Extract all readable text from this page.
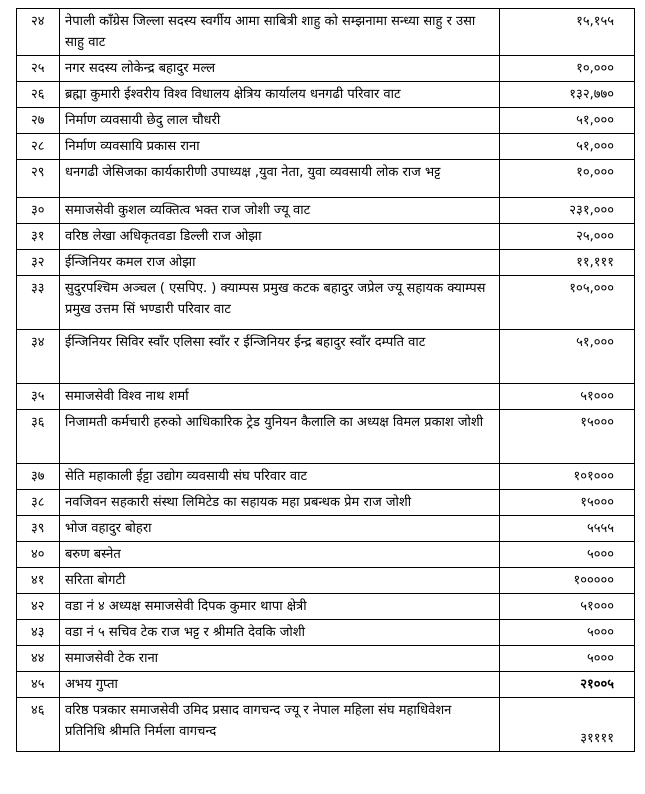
२४	नेपाली काँग्रेस जिल्ला सदस्य स्वर्गीय आमा साबित्री शाहु को सम्झनामा सन्ध्या साहु र उसा साहु वाट	१५,१५५
२५	नगर सदस्य लोकेन्द्र बहादुर मल्ल	१०,०००
२६	ब्रह्मा कुमारी ईश्वरीय विश्व विधालय क्षेत्रिय कार्यालय धनगढी परिवार वाट	१३२,७७०
२७	निर्माण व्यवसायी छेदु लाल चौधरी	५१,०००
२८	निर्माण व्यवसायि प्रकास राना	५१,०००
२९	धनगढी जेसिजका कार्यकारीणी उपाध्यक्ष ,युवा नेता, युवा व्यवसायी लोक राज भट्ट	१०,०००
३०	समाजसेवी कुशल व्यक्तित्व भक्त राज जोशी ज्यू वाट	२३१,०००
३१	वरिष्ठ लेखा अधिकृतवडा डिल्ली राज ओझा	२५,०००
३२	ईन्जिनियर कमल राज ओझा	११,१११
३३	सुदुरपश्चिम अञ्चल ( एसपिए. ) क्याम्पस प्रमुख कटक बहादुर जप्रेल ज्यू सहायक क्याम्पस प्रमुख उत्तम सिं भण्डारी परिवार वाट	१०५,०००
३४	ईन्जिनियर सिविर स्वाँर एलिसा स्वाँर र ईन्जिनियर ईन्द्र बहादुर स्वाँर दम्पति वाट	५१,०००
३५	समाजसेवी विश्व नाथ शर्मा	५१०००
३६	निजामती कर्मचारी हरुको आधिकारिक ट्रेड युनियन कैलालि का अध्यक्ष विमल प्रकाश जोशी	१५०००
३७	सेति महाकाली ईट्टा उद्योग व्यवसायी संघ परिवार वाट	१०१०००
३८	नवजिवन सहकारी संस्था लिमिटेड का सहायक महा प्रबन्धक प्रेम राज जोशी	१५०००
३९	भोज वहादुर बोहरा	५५५५
४०	बरुण बस्नेत	५०००
४१	सरिता बोगटी	१०००००
४२	वडा नं ४ अध्यक्ष समाजसेवी दिपक कुमार थापा क्षेत्री	५१०००
४३	वडा नं ५ सचिव टेक राज भट्ट र श्रीमति देवकि जोशी	५०००
४४	समाजसेवी टेक राना	५०००
४५	अभय गुप्ता	२१००५
४६	वरिष्ठ पत्रकार समाजसेवी उमिद प्रसाद वागचन्द ज्यू र नेपाल महिला संघ महाधिवेशन प्रतिनिधि श्रीमति निर्मला वागचन्द	३११११
